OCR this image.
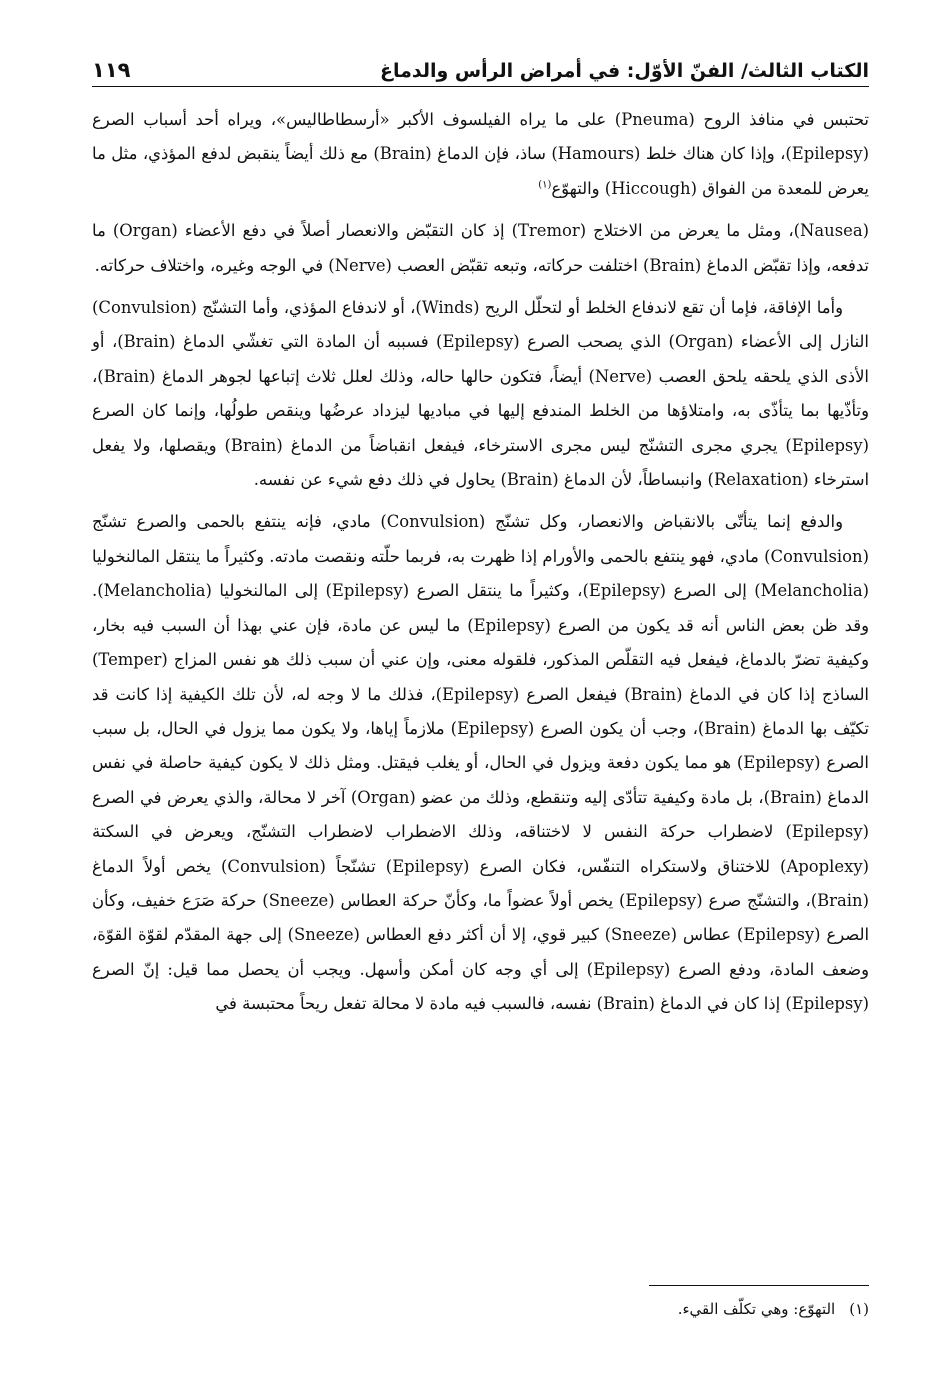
الكتاب الثالث/ الفنّ الأوّل: في أمراض الرأس والدماغ
١١٩

تحتبس في منافذ الروح (Pneuma) على ما يراه الفيلسوف الأكبر «أرسطاطاليس»، ويراه أحد أسباب الصرع (Epilepsy)، وإذا كان هناك خلط (Hamours) ساذ، فإن الدماغ (Brain) مع ذلك أيضاً ينقبض لدفع المؤذي، مثل ما يعرض للمعدة من الفواق (Hiccough) والتهوّع$^{(١)}$

(Nausea)، ومثل ما يعرض من الاختلاج (Tremor) إذ كان التقبّض والانعصار أصلاً في دفع الأعضاء (Organ) ما تدفعه، وإذا تقبّض الدماغ (Brain) اختلفت حركاته، وتبعه تقبّض العصب (Nerve) في الوجه وغيره، واختلاف حركاته.

وأما الإفاقة، فإما أن تقع لاندفاع الخلط أو لتحلّل الريح (Winds)، أو لاندفاع المؤذي، وأما التشنّج (Convulsion) النازل إلى الأعضاء (Organ) الذي يصحب الصرع (Epilepsy) فسببه أن المادة التي تغشّي الدماغ (Brain)، أو الأذى الذي يلحقه يلحق العصب (Nerve) أيضاً، فتكون حالها حاله، وذلك لعلل ثلاث إتباعها لجوهر الدماغ (Brain)، وتأذّيها بما يتأذّى به، وامتلاؤها من الخلط المندفع إليها في مباديها ليزداد عرضُها وينقص طولُها، وإنما كان الصرع (Epilepsy) يجري مجرى التشنّج ليس مجرى الاسترخاء، فيفعل انقباضاً من الدماغ (Brain) ويقصلها، ولا يفعل استرخاء (Relaxation) وانبساطاً، لأن الدماغ (Brain) يحاول في ذلك دفع شيء عن نفسه.

والدفع إنما يتأتّى بالانقباض والانعصار، وكل تشنّج (Convulsion) مادي، فإنه ينتفع بالحمى والصرع تشنّج (Convulsion) مادي، فهو ينتفع بالحمى والأورام إذا ظهرت به، فربما حلّته ونقصت مادته. وكثيراً ما ينتقل المالنخوليا (Melancholia) إلى الصرع (Epilepsy)، وكثيراً ما ينتقل الصرع (Epilepsy) إلى المالنخوليا (Melancholia). وقد ظن بعض الناس أنه قد يكون من الصرع (Epilepsy) ما ليس عن مادة، فإن عني بهذا أن السبب فيه بخار، وكيفية تضرّ بالدماغ، فيفعل فيه التقلّص المذكور، فلقوله معنى، وإن عني أن سبب ذلك هو نفس المزاج (Temper) الساذج إذا كان في الدماغ (Brain) فيفعل الصرع (Epilepsy)، فذلك ما لا وجه له، لأن تلك الكيفية إذا كانت قد تكيّف بها الدماغ (Brain)، وجب أن يكون الصرع (Epilepsy) ملازماً إياها، ولا يكون مما يزول في الحال، بل سبب الصرع (Epilepsy) هو مما يكون دفعة ويزول في الحال، أو يغلب فيقتل. ومثل ذلك لا يكون كيفية حاصلة في نفس الدماغ (Brain)، بل مادة وكيفية تتأدّى إليه وتنقطع، وذلك من عضو (Organ) آخر لا محالة، والذي يعرض في الصرع (Epilepsy) لاضطراب حركة النفس لا لاختناقه، وذلك الاضطراب لاضطراب التشنّج، ويعرض في السكتة (Apoplexy) للاختناق ولاستكراه التنفّس، فكان الصرع (Epilepsy) تشنّجاً (Convulsion) يخص أولاً الدماغ (Brain)، والتشنّج صرع (Epilepsy) يخص أولاً عضواً ما، وكأنّ حركة العطاس (Sneeze) حركة صَرَع خفيف، وكأن الصرع (Epilepsy) عطاس (Sneeze) كبير قوي، إلا أن أكثر دفع العطاس (Sneeze) إلى جهة المقدّم لقوّة القوّة، وضعف المادة، ودفع الصرع (Epilepsy) إلى أي وجه كان أمكن وأسهل. ويجب أن يحصل مما قيل: إنّ الصرع (Epilepsy) إذا كان في الدماغ (Brain) نفسه، فالسبب فيه مادة لا محالة تفعل ريحاً محتبسة في

(١)
التهوّع: وهي تكلّف القيء.
